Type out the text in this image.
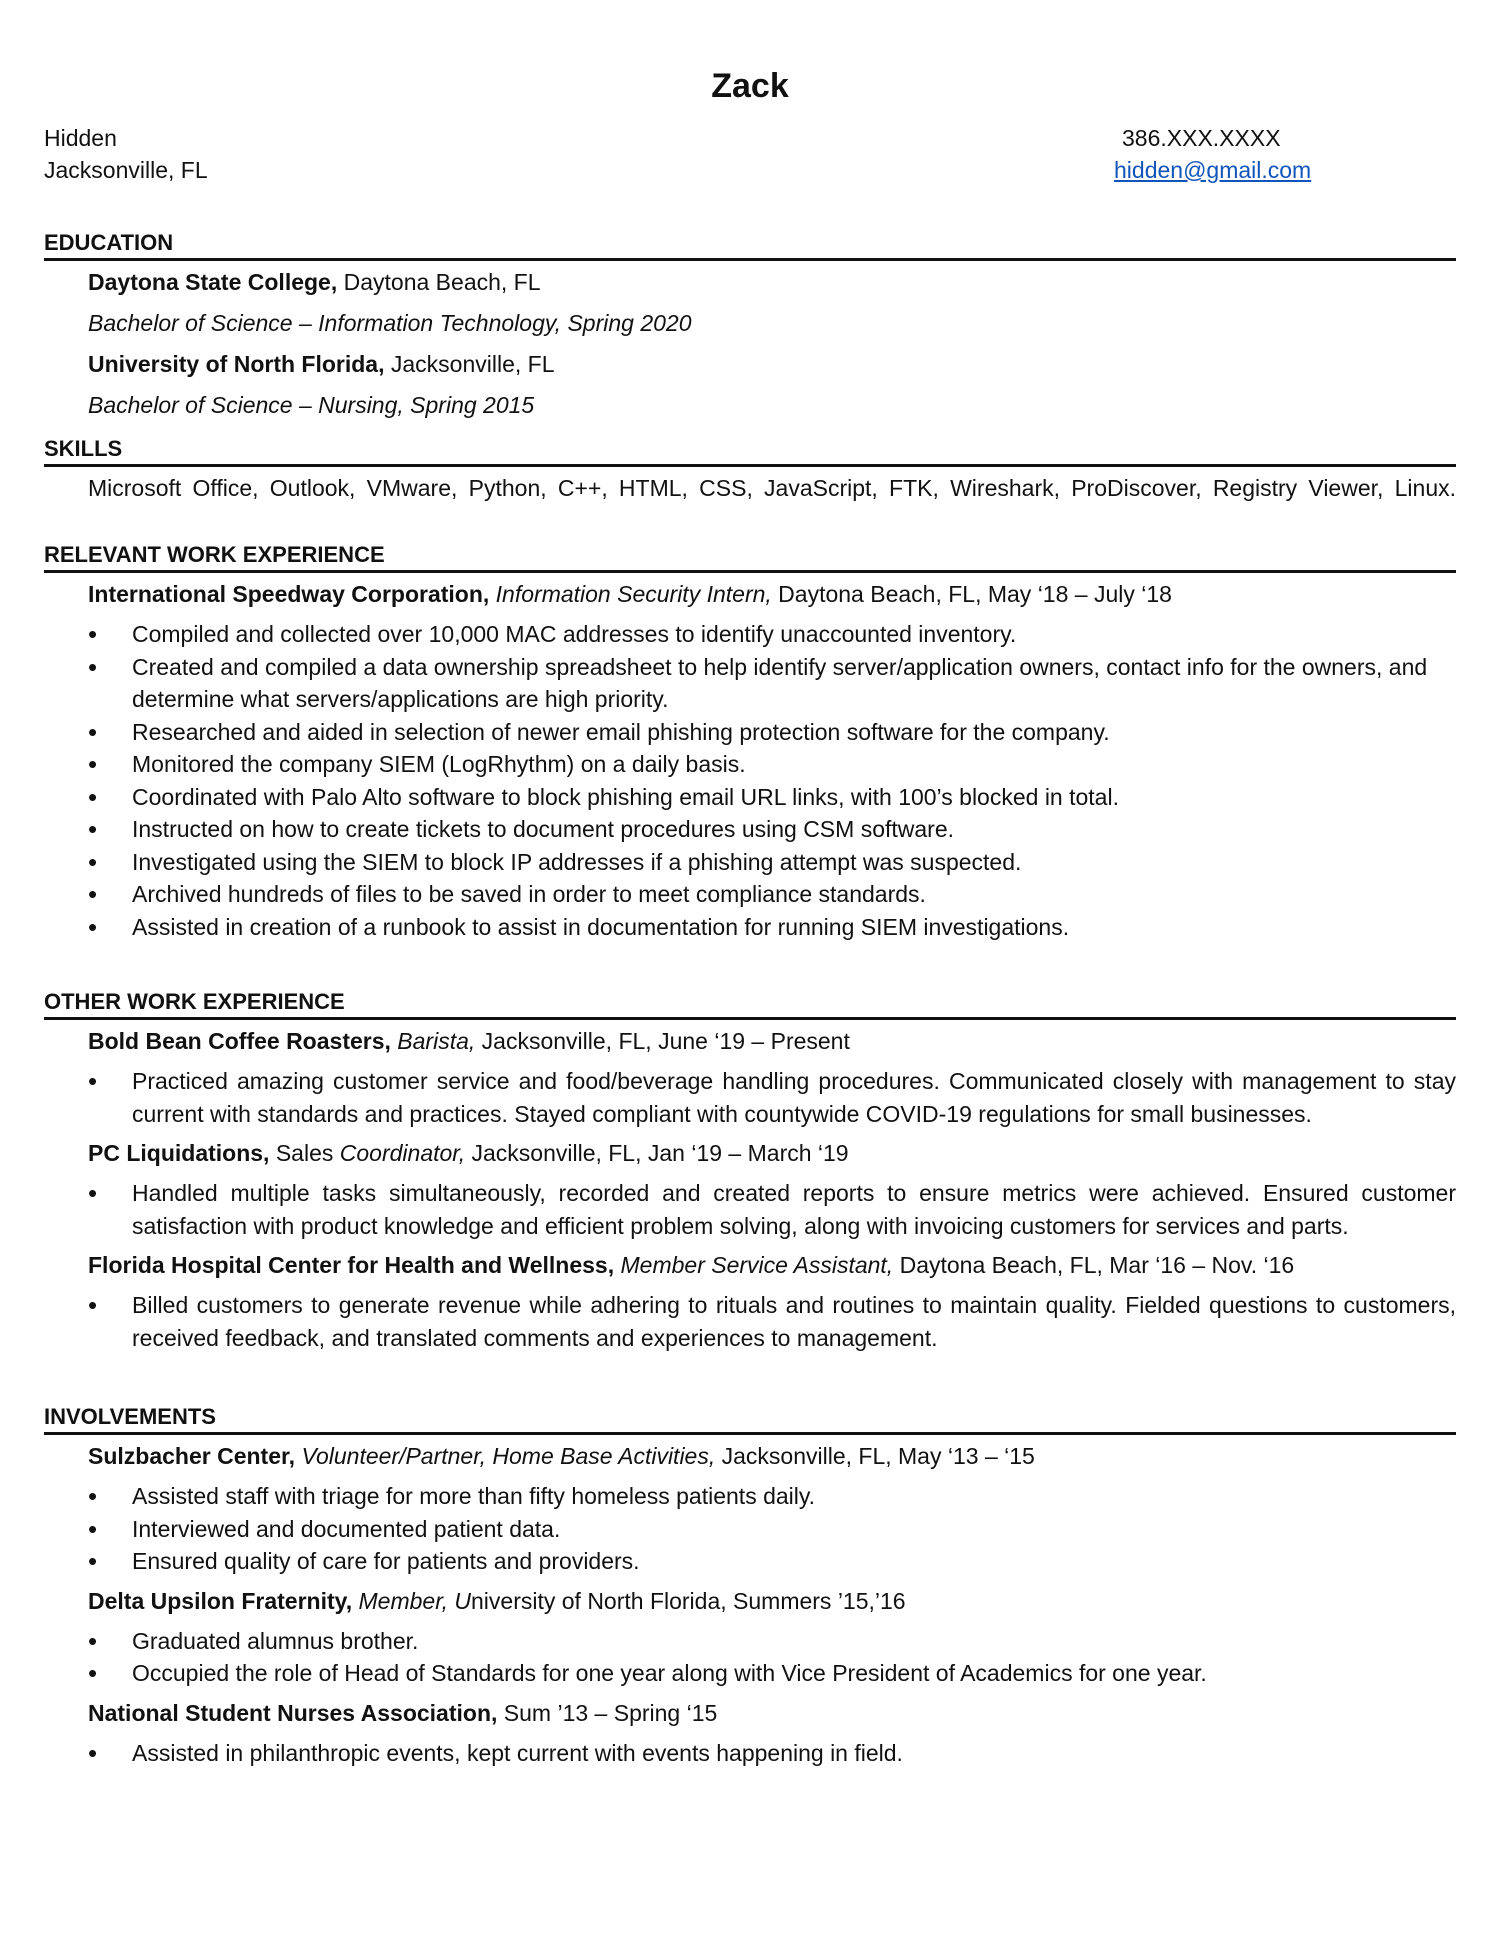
Zack
Hidden
Jacksonville, FL
386.XXX.XXXX
hidden@gmail.com
EDUCATION
Daytona State College, Daytona Beach, FL
Bachelor of Science – Information Technology, Spring 2020
University of North Florida, Jacksonville, FL
Bachelor of Science – Nursing, Spring 2015
SKILLS
Microsoft Office, Outlook, VMware, Python, C++, HTML, CSS, JavaScript, FTK, Wireshark, ProDiscover, Registry Viewer, Linux.
RELEVANT WORK EXPERIENCE
International Speedway Corporation, Information Security Intern, Daytona Beach, FL, May ‘18 – July ‘18
• Compiled and collected over 10,000 MAC addresses to identify unaccounted inventory.
• Created and compiled a data ownership spreadsheet to help identify server/application owners, contact info for the owners, and determine what servers/applications are high priority.
• Researched and aided in selection of newer email phishing protection software for the company.
• Monitored the company SIEM (LogRhythm) on a daily basis.
• Coordinated with Palo Alto software to block phishing email URL links, with 100’s blocked in total.
• Instructed on how to create tickets to document procedures using CSM software.
• Investigated using the SIEM to block IP addresses if a phishing attempt was suspected.
• Archived hundreds of files to be saved in order to meet compliance standards.
• Assisted in creation of a runbook to assist in documentation for running SIEM investigations.
OTHER WORK EXPERIENCE
Bold Bean Coffee Roasters, Barista, Jacksonville, FL, June ‘19 – Present
• Practiced amazing customer service and food/beverage handling procedures. Communicated closely with management to stay current with standards and practices. Stayed compliant with countywide COVID-19 regulations for small businesses.
PC Liquidations, Sales Coordinator, Jacksonville, FL, Jan ‘19 – March ‘19
• Handled multiple tasks simultaneously, recorded and created reports to ensure metrics were achieved. Ensured customer satisfaction with product knowledge and efficient problem solving, along with invoicing customers for services and parts.
Florida Hospital Center for Health and Wellness, Member Service Assistant, Daytona Beach, FL, Mar ‘16 – Nov. ‘16
• Billed customers to generate revenue while adhering to rituals and routines to maintain quality. Fielded questions to customers, received feedback, and translated comments and experiences to management.
INVOLVEMENTS
Sulzbacher Center, Volunteer/Partner, Home Base Activities, Jacksonville, FL, May ‘13 – ‘15
• Assisted staff with triage for more than fifty homeless patients daily.
• Interviewed and documented patient data.
• Ensured quality of care for patients and providers.
Delta Upsilon Fraternity, Member, University of North Florida, Summers ’15,’16
• Graduated alumnus brother.
• Occupied the role of Head of Standards for one year along with Vice President of Academics for one year.
National Student Nurses Association, Sum ’13 – Spring ‘15
• Assisted in philanthropic events, kept current with events happening in field.
